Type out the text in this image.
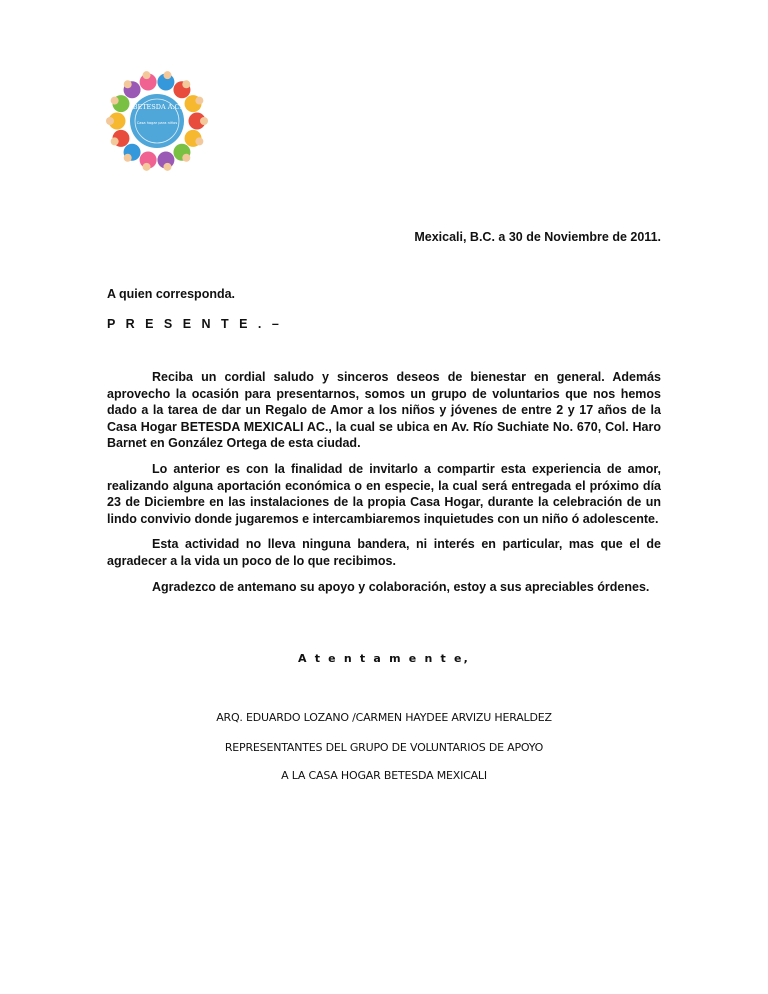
BETESDA A.C.
Casa hogar para niños
Mexicali, B.C. a 30 de Noviembre de 2011.
A quien corresponda.
P R E S E N T E . –

Reciba un cordial saludo y sinceros deseos de bienestar en general. Además aprovecho la ocasión para presentarnos, somos un grupo de voluntarios que nos hemos dado a la tarea de dar un Regalo de Amor a los niños y jóvenes de entre 2 y 17 años de la Casa Hogar BETESDA MEXICALI AC., la cual se ubica en Av. Río Suchiate No. 670, Col. Haro Barnet en González Ortega de esta ciudad.

Lo anterior es con la finalidad de invitarlo a compartir esta experiencia de amor, realizando alguna aportación económica o en especie, la cual será entregada el próximo día 23 de Diciembre en las instalaciones de la propia Casa Hogar, durante la celebración de un lindo convivio donde jugaremos e intercambiaremos inquietudes con un niño ó adolescente.

Esta actividad no lleva ninguna bandera, ni interés en particular, mas que el de agradecer a la vida un poco de lo que recibimos.

Agradezco de antemano su apoyo y colaboración, estoy a sus apreciables órdenes.

A t e n t a m e n t e,
ARQ. EDUARDO LOZANO /CARMEN HAYDEE ARVIZU HERALDEZ
REPRESENTANTES DEL GRUPO DE VOLUNTARIOS DE APOYO
A LA CASA HOGAR BETESDA MEXICALI
